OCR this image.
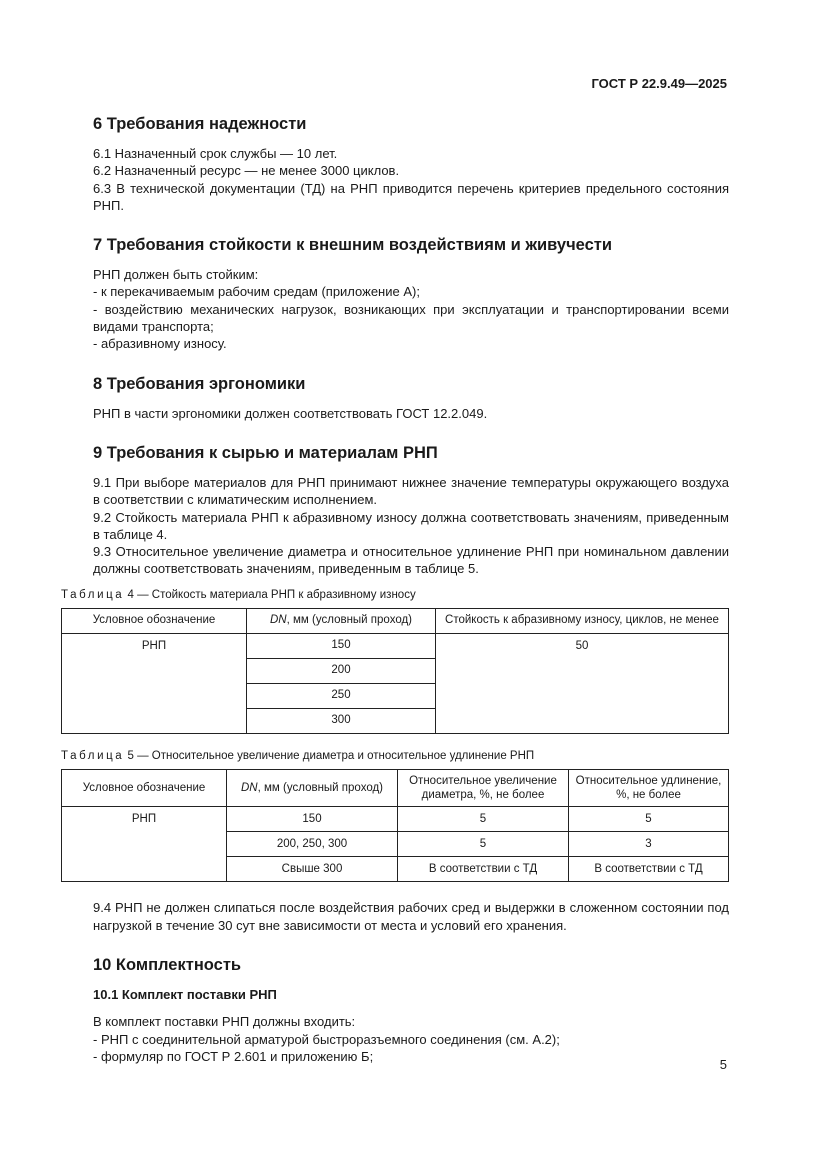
ГОСТ Р 22.9.49—2025
6 Требования надежности

6.1 Назначенный срок службы — 10 лет.

6.2 Назначенный ресурс — не менее 3000 циклов.

6.3 В технической документации (ТД) на РНП приводится перечень критериев предельного состояния РНП.

7 Требования стойкости к внешним воздействиям и живучести

РНП должен быть стойким:

- к перекачиваемым рабочим средам (приложение А);

- воздействию механических нагрузок, возникающих при эксплуатации и транспортировании всеми видами транспорта;

- абразивному износу.

8 Требования эргономики

РНП в части эргономики должен соответствовать ГОСТ 12.2.049.

9 Требования к сырью и материалам РНП

9.1 При выборе материалов для РНП принимают нижнее значение температуры окружающего воздуха в соответствии с климатическим исполнением.

9.2 Стойкость материала РНП к абразивному износу должна соответствовать значениям, приведенным в таблице 4.

9.3 Относительное увеличение диаметра и относительное удлинение РНП при номинальном давлении должны соответствовать значениям, приведенным в таблице 5.

Таблица 4 — Стойкость материала РНП к абразивному износу
Условное обозначение	DN, мм (условный проход)	Стойкость к абразивному износу, циклов, не менее
РНП	150	50
	200	
	250	
	300	
Таблица 5 — Относительное увеличение диаметра и относительное удлинение РНП
Условное обозначение	DN, мм (условный проход)	Относительное увеличение диаметра, %, не более	Относительное удлинение, %, не более
РНП	150	5	5
	200, 250, 300	5	3
	Свыше 300	В соответствии с ТД	В соответствии с ТД

9.4 РНП не должен слипаться после воздействия рабочих сред и выдержки в сложенном состоянии под нагрузкой в течение 30 сут вне зависимости от места и условий его хранения.

10 Комплектность
10.1 Комплект поставки РНП

В комплект поставки РНП должны входить:

- РНП с соединительной арматурой быстроразъемного соединения (см. А.2);

- формуляр по ГОСТ Р 2.601 и приложению Б;

5
